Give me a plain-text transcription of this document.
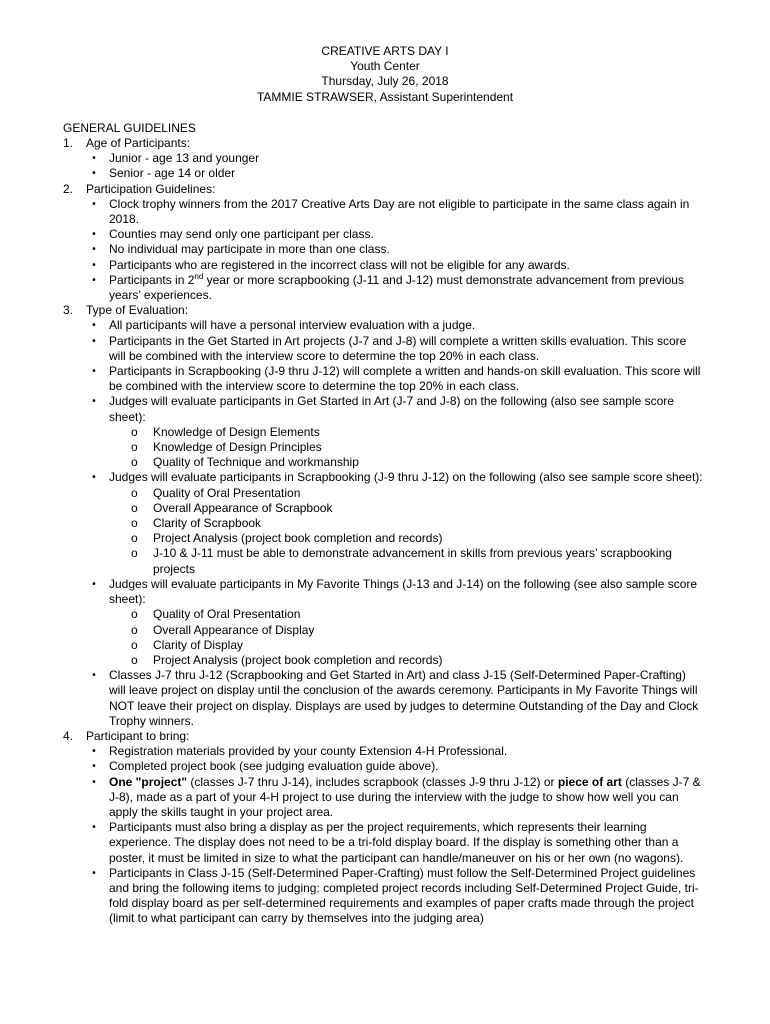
CREATIVE ARTS DAY I
Youth Center
Thursday, July 26, 2018
TAMMIE STRAWSER, Assistant Superintendent
GENERAL GUIDELINES
1. Age of Participants:
• Junior - age 13 and younger
• Senior - age 14 or older
2. Participation Guidelines:
• Clock trophy winners from the 2017 Creative Arts Day are not eligible to participate in the same class again in 2018.
• Counties may send only one participant per class.
• No individual may participate in more than one class.
• Participants who are registered in the incorrect class will not be eligible for any awards.
• Participants in 2nd year or more scrapbooking (J-11 and J-12) must demonstrate advancement from previous years’ experiences.
3. Type of Evaluation:
• All participants will have a personal interview evaluation with a judge.
• Participants in the Get Started in Art projects (J-7 and J-8) will complete a written skills evaluation. This score will be combined with the interview score to determine the top 20% in each class.
• Participants in Scrapbooking (J-9 thru J-12) will complete a written and hands-on skill evaluation. This score will be combined with the interview score to determine the top 20% in each class.
• Judges will evaluate participants in Get Started in Art (J-7 and J-8) on the following (also see sample score sheet):
o Knowledge of Design Elements
o Knowledge of Design Principles
o Quality of Technique and workmanship
• Judges will evaluate participants in Scrapbooking (J-9 thru J-12) on the following (also see sample score sheet):
o Quality of Oral Presentation
o Overall Appearance of Scrapbook
o Clarity of Scrapbook
o Project Analysis (project book completion and records)
o J-10 & J-11 must be able to demonstrate advancement in skills from previous years’ scrapbooking projects
• Judges will evaluate participants in My Favorite Things (J-13 and J-14) on the following (see also sample score sheet):
o Quality of Oral Presentation
o Overall Appearance of Display
o Clarity of Display
o Project Analysis (project book completion and records)
• Classes J-7 thru J-12 (Scrapbooking and Get Started in Art) and class J-15 (Self-Determined Paper-Crafting) will leave project on display until the conclusion of the awards ceremony. Participants in My Favorite Things will NOT leave their project on display. Displays are used by judges to determine Outstanding of the Day and Clock Trophy winners.
4. Participant to bring:
• Registration materials provided by your county Extension 4-H Professional.
• Completed project book (see judging evaluation guide above).
• One "project" (classes J-7 thru J-14), includes scrapbook (classes J-9 thru J-12) or piece of art (classes J-7 & J-8), made as a part of your 4-H project to use during the interview with the judge to show how well you can apply the skills taught in your project area.
• Participants must also bring a display as per the project requirements, which represents their learning experience. The display does not need to be a tri-fold display board. If the display is something other than a poster, it must be limited in size to what the participant can handle/maneuver on his or her own (no wagons).
• Participants in Class J-15 (Self-Determined Paper-Crafting) must follow the Self-Determined Project guidelines and bring the following items to judging: completed project records including Self-Determined Project Guide, tri-fold display board as per self-determined requirements and examples of paper crafts made through the project (limit to what participant can carry by themselves into the judging area)
